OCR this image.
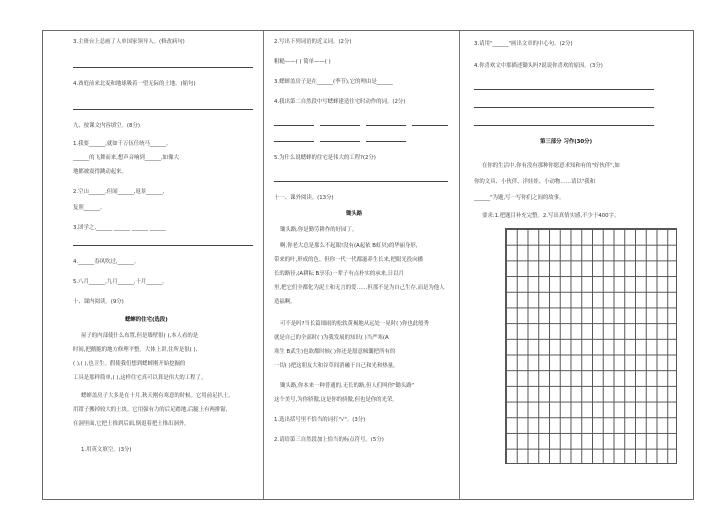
3.主斑台上总画了人单国家领导人。(修改病句)
4.酋庭前来北麦和地球吸着一望无际的土地。(缩句)
九、按课文内容填空。(8分)
1.我要______,就如千万伍任统马______。
______的飞舞而来,想声音响到______,如像大
地都被震得跳动起来。
2.空山______,但闻______,返景______,
复照______。
3.团学之,______ ______ ______ ______
4.______春风吹过,______。
5.八月______,九月______,十月______。
十、课内阅读。(9分)
蟋蟀的住宅(选段)
屋子的内部使什么布置,但是墙壁很( ),本人看的是
时间,把鹅脆的地方修理平整。大体上讲,住所是很( ),
( ),( ),也卫生。假使我们想到蟋蟀刚开始挖掘的
工具是那样简单,( ),这样住宅真可以算是伟大的工程了。
蟋蟀盖房子大多是在十月,秋天刚有寒意的时候。它用前足扒土,
用钳子搬掉较大的土块。它用强有力的后足踏地,后腿上有两排锯,
在洞里面,它把土推到后面,倒退着把土推出洞外。
1.用英文填空。(3分)
2.写出下列词语的近义词。(2分)
粗糙——( ) 简单——( )
3.蟋蟀盖房子是在______(季节),它的理由是______
4.我出第二自然段中写蟋蟀建造住宅时动作的词。(2分)
5.为什么说蟋蟀的住宅是伟大的工程?(2分)
十一、课外阅读。(13分)
锄头路
锄头路,你是勤劳耕作的好园丁。
啊,你老大总是那么不起眼!没有(A起依 B虹贝)的华丽身形,
带来的叶,形成的色。但你一代一代都滋养生长来,把眼光投向播
长的路径,(A耕耘 B享乐)一辈子有点朴实的承来,日以月
里,把它们全都化为泥土和无言的爱……但那不是为自己生存,而是为他人
造福啊。
可不是吗?当长篇细雨的松软黄褐地从远处一晃时( )你也此般秀
就是自己的全部时( )为我发展的知识( )当严寒(A
寒生 B武生)也欲都时候( )你还是愿意倾囊把所有的
一切( )把这朋友大和谷草间消融于自己和光和热量。
锄头路,你本来一种普通的,无长的路,但人们叫你"锄头路"
这个美号,为你骄傲,这是你的骄傲,但也是你的光荣。
1.选出括号里不恰当的词打"√"。(3分)
2.请给第三自然段加上恰当的标点符号。(5分)
3.请用"______"画出文章的中心句。(2分)
4.你喜欢文中那描述锄头吗?说说你喜欢的原因。(3分)
第三部分 习作(30分)
在你的生活中,你有没有那种你愿意求知和有的"好伙伴",如
你的文具、小伙伴、洋娃娃、小动物……请以"我和
______"为题,写一写你们之间的故事。
要求:1.把题目补充完整。2.写出真情实感,不少于400字。
